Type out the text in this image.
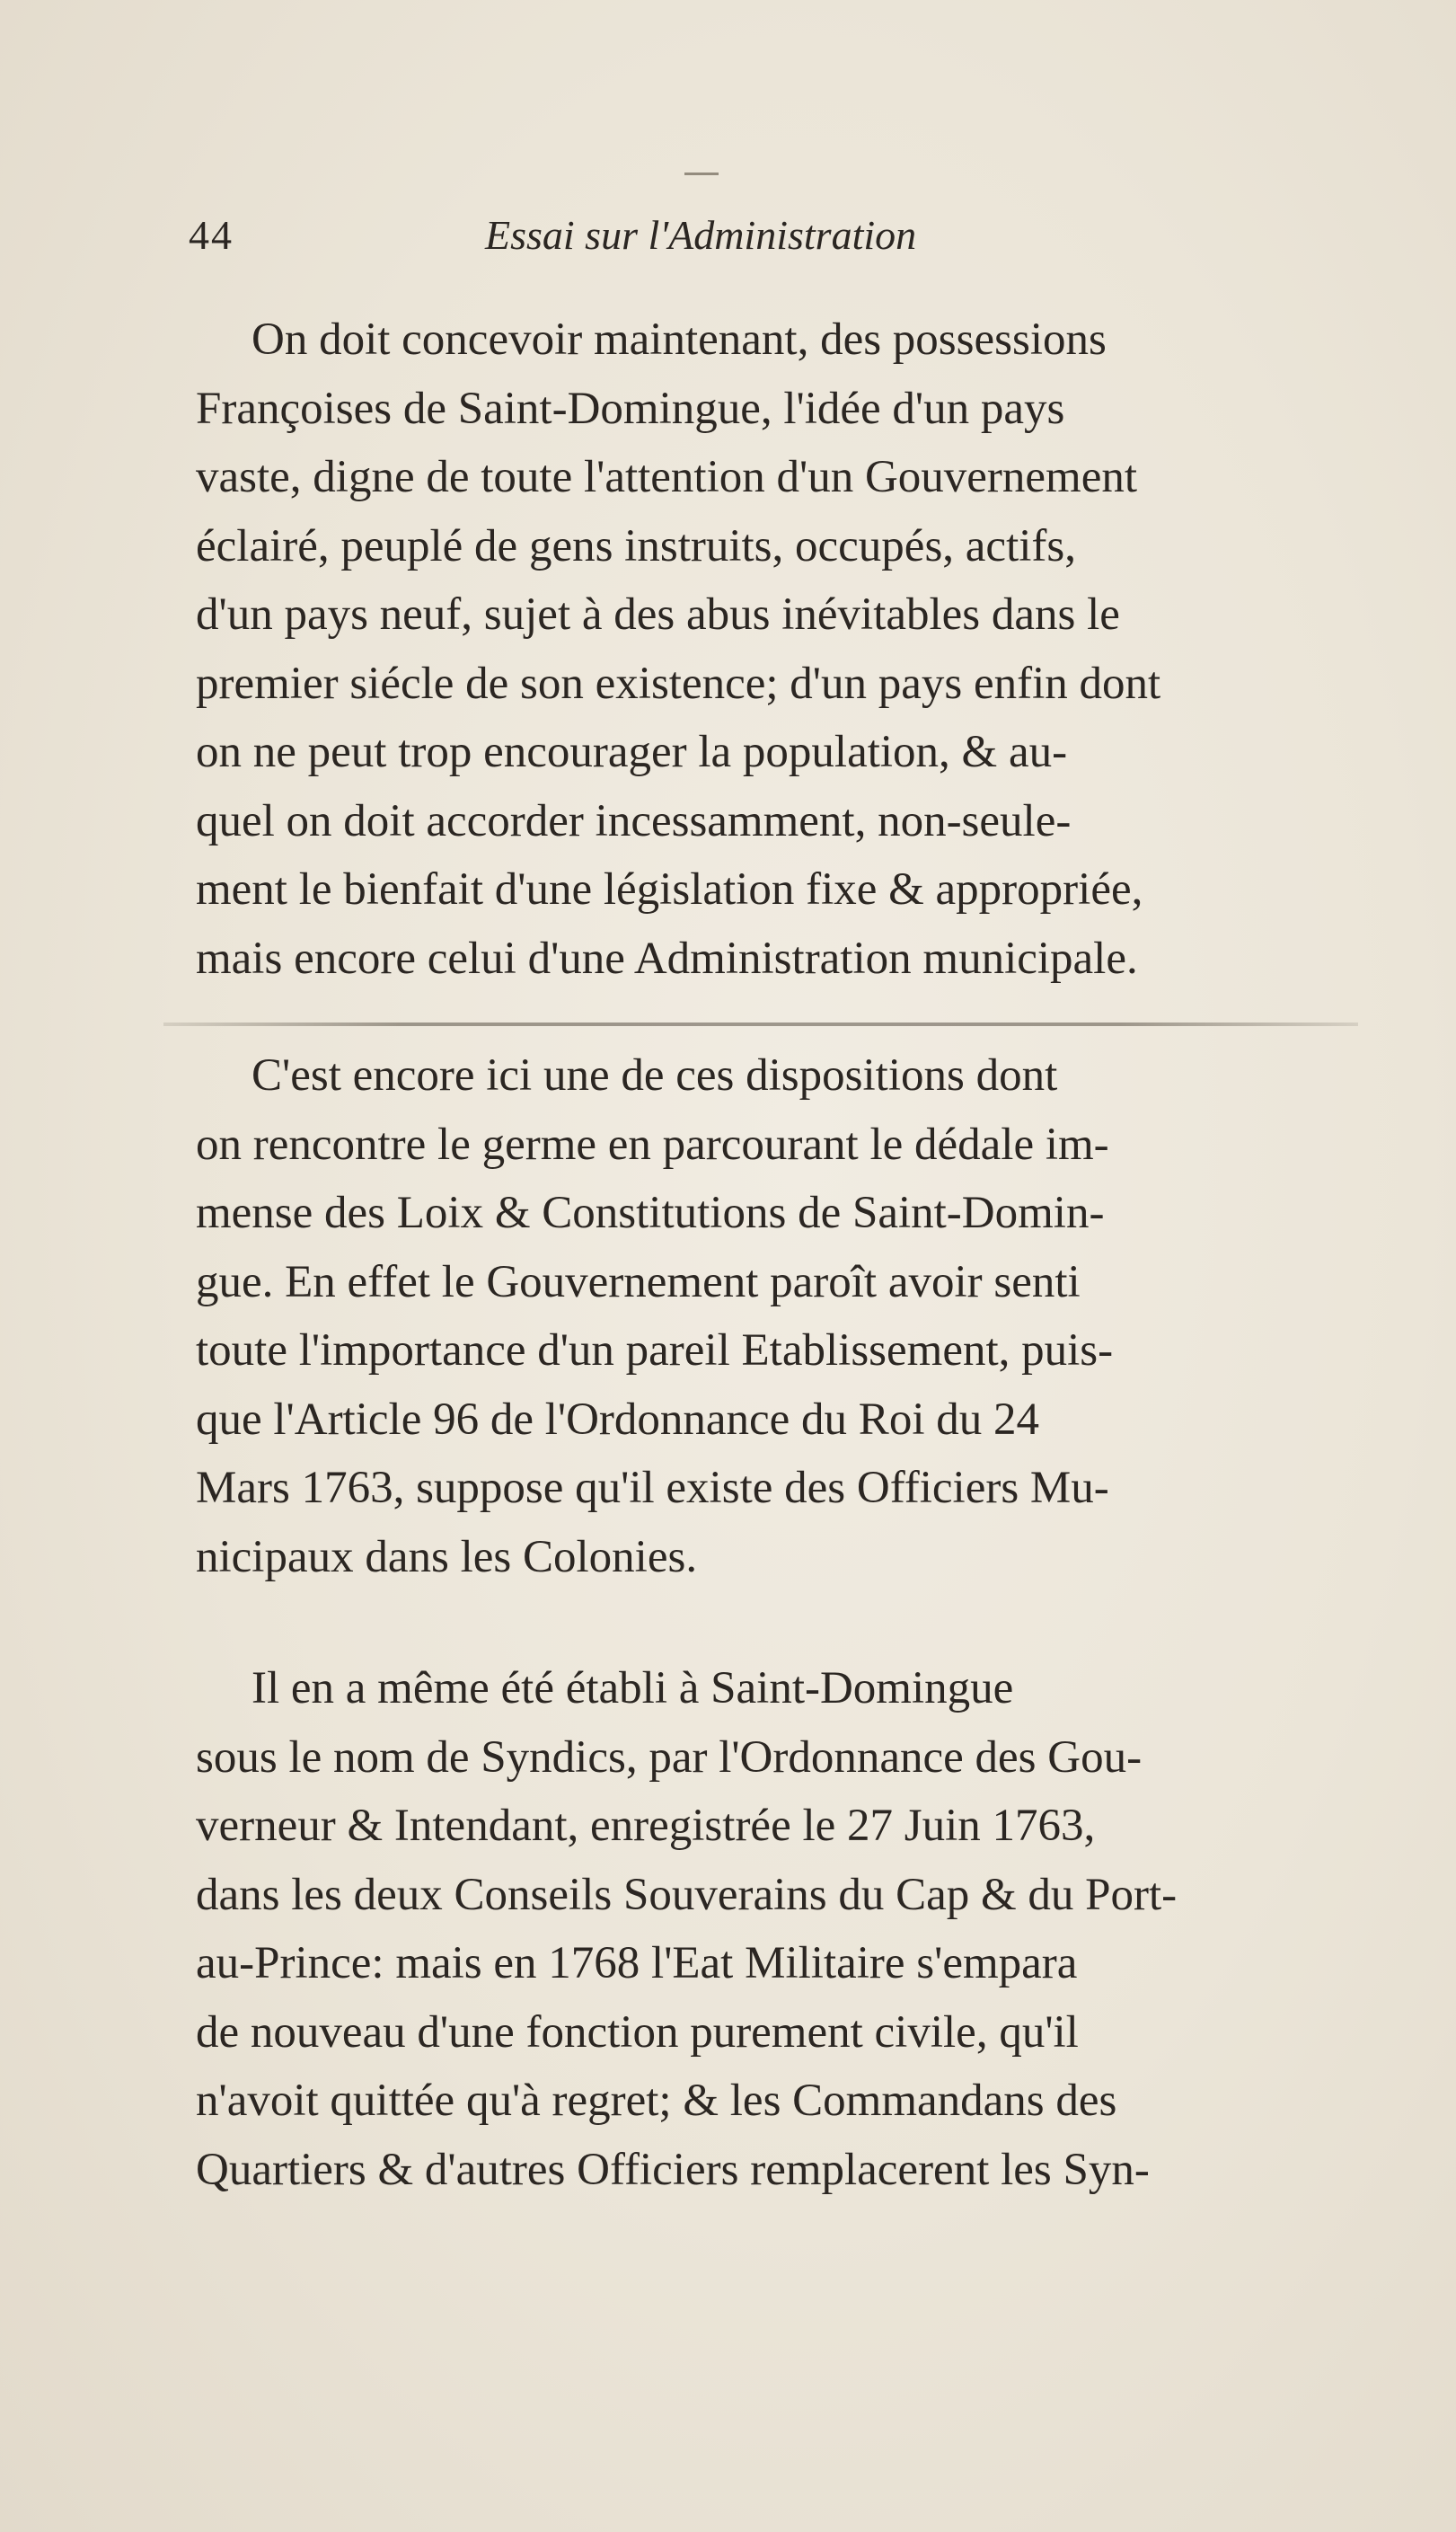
44	Essai sur l'Administration
On doit concevoir maintenant, des possessions
Françoises de Saint-Domingue, l'idée d'un pays
vaste, digne de toute l'attention d'un Gouvernement
éclairé, peuplé de gens instruits, occupés, actifs,
d'un pays neuf, sujet à des abus inévitables dans le
premier siécle de son existence; d'un pays enfin dont
on ne peut trop encourager la population, & au-
quel on doit accorder incessamment, non-seule-
ment le bienfait d'une législation fixe & appropriée,
mais encore celui d'une Administration municipale.
C'est encore ici une de ces dispositions dont
on rencontre le germe en parcourant le dédale im-
mense des Loix & Constitutions de Saint-Domin-
gue. En effet le Gouvernement paroît avoir senti
toute l'importance d'un pareil Etablissement, puis-
que l'Article 96 de l'Ordonnance du Roi du 24
Mars 1763, suppose qu'il existe des Officiers Mu-
nicipaux dans les Colonies.
Il en a même été établi à Saint-Domingue
sous le nom de Syndics, par l'Ordonnance des Gou-
verneur & Intendant, enregistrée le 27 Juin 1763,
dans les deux Conseils Souverains du Cap & du Port-
au-Prince: mais en 1768 l'Eat Militaire s'empara
de nouveau d'une fonction purement civile, qu'il
n'avoit quittée qu'à regret; & les Commandans des
Quartiers & d'autres Officiers remplacerent les Syn-
